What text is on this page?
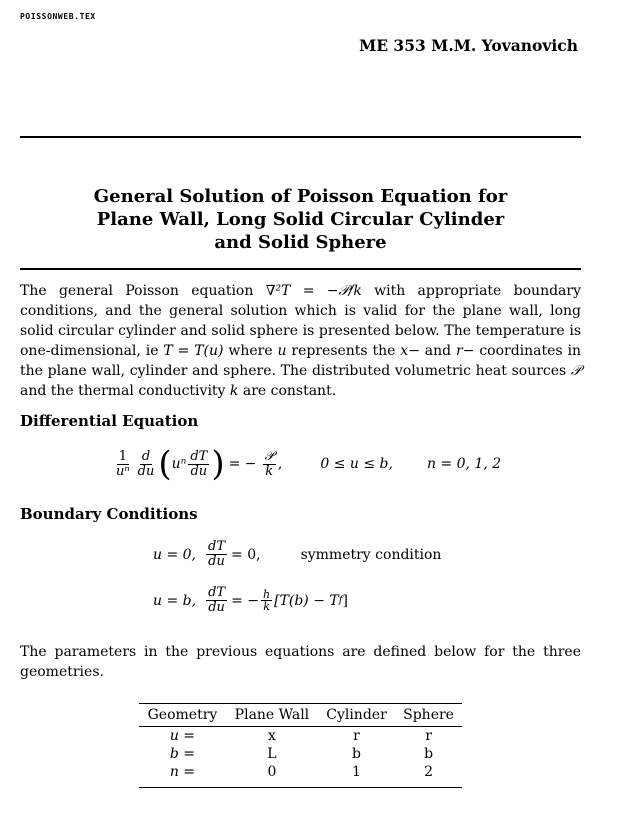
POISSONWEB.TEX
ME 353 M.M. Yovanovich
General Solution of Poisson Equation for
Plane Wall, Long Solid Circular Cylinder
and Solid Sphere
The general Poisson equation ∇²T = −𝒫/k with appropriate boundary conditions, and the general solution which is valid for the plane wall, long solid circular cylinder and solid sphere is presented below. The temperature is one-dimensional, ie T = T(u) where u represents the x− and r− coordinates in the plane wall, cylinder and sphere. The distributed volumetric heat sources 𝒫 and the thermal conductivity k are constant.
Differential Equation
$\frac{1}{\text{uⁿ}} \frac{d}{du}$ ( uⁿ $\frac{dT}{du}$ ) = − $\frac{\text{𝒫}}{k}$ ,	0 ≤ u ≤ b, n = 0, 1, 2
Boundary Conditions
u = 0, $\frac{dT}{du} = 0$,	symmetry condition
u = b, $\frac{dT}{du}$ = − $\frac{h}{k} [T(b) - T$ f ]
The parameters in the previous equations are defined below for the three geometries.
Geometry	Plane Wall	Cylinder	Sphere
u =	x	r	r
b =	L	b	b
n =	0	1	2
